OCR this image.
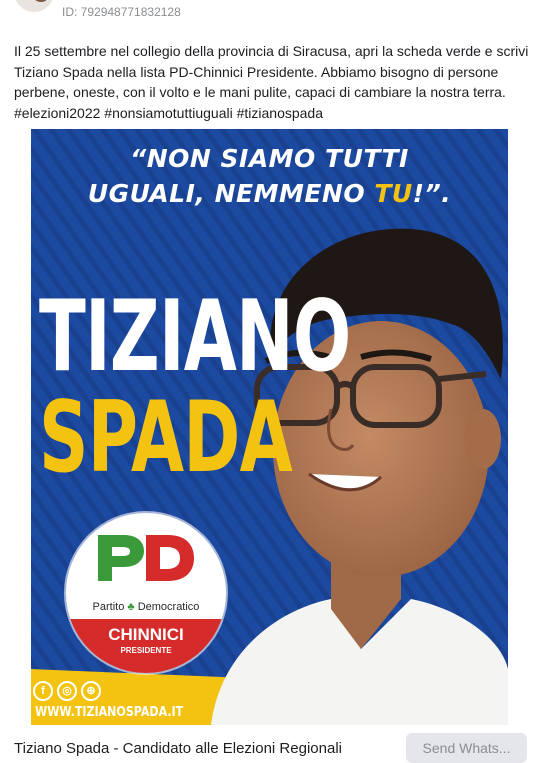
ID: 792948771832128
Il 25 settembre nel collegio della provincia di Siracusa, apri la scheda verde e scrivi Tiziano Spada nella lista PD-Chinnici Presidente. Abbiamo bisogno di persone perbene, oneste, con il volto e le mani pulite, capaci di cambiare la nostra terra. #elezioni2022 #nonsiamotuttiuguali #tizianospada
“NON SIAMO TUTTI
UGUALI, NEMMENO TU!”.
TIZIANO
SPADA
Partito ♣ Democratico
CHINNICI
PRESIDENTE
f	◎	⊕
WWW.TIZIANOSPADA.IT
Tiziano Spada - Candidato alle Elezioni Regionali	Send Whats...
